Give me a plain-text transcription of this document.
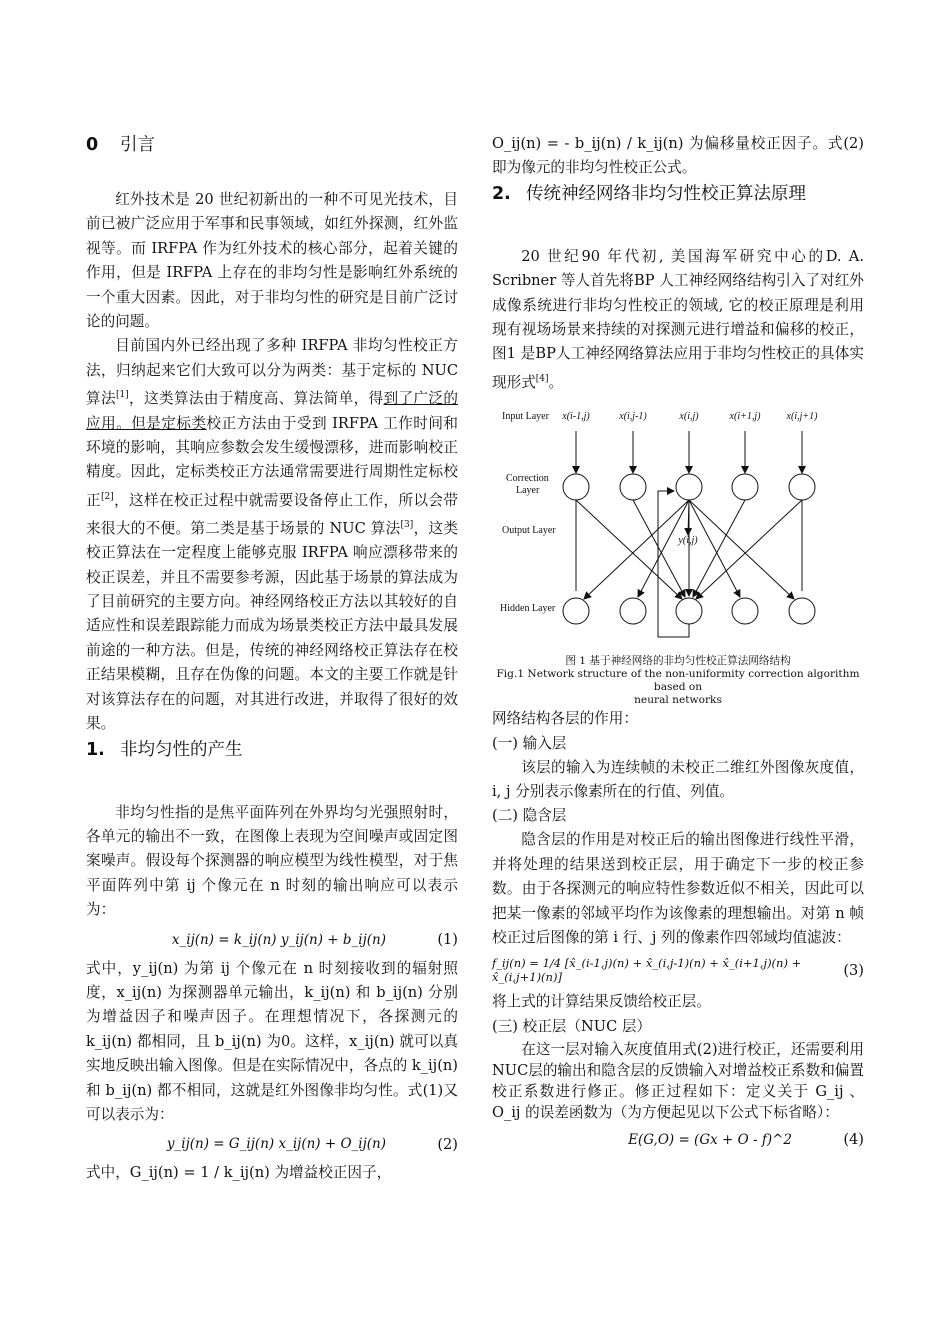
0 引言

红外技术是 20 世纪初新出的一种不可见光技术，目前已被广泛应用于军事和民事领域，如红外探测，红外监视等。而 IRFPA 作为红外技术的核心部分，起着关键的作用，但是 IRFPA 上存在的非均匀性是影响红外系统的一个重大因素。因此，对于非均匀性的研究是目前广泛讨论的问题。

目前国内外已经出现了多种 IRFPA 非均匀性校正方法，归纳起来它们大致可以分为两类：基于定标的 NUC 算法[1]，这类算法由于精度高、算法简单，得到了广泛的应用。但是定标类校正方法由于受到 IRFPA 工作时间和环境的影响，其响应参数会发生缓慢漂移，进而影响校正精度。因此，定标类校正方法通常需要进行周期性定标校正[2]，这样在校正过程中就需要设备停止工作，所以会带来很大的不便。第二类是基于场景的 NUC 算法[3]，这类校正算法在一定程度上能够克服 IRFPA 响应漂移带来的校正误差，并且不需要参考源，因此基于场景的算法成为了目前研究的主要方向。神经网络校正方法以其较好的自适应性和误差跟踪能力而成为场景类校正方法中最具发展前途的一种方法。但是，传统的神经网络校正算法存在校正结果模糊，且存在伪像的问题。本文的主要工作就是针对该算法存在的问题，对其进行改进，并取得了很好的效果。

1. 非均匀性的产生

非均匀性指的是焦平面阵列在外界均匀光强照射时，各单元的输出不一致，在图像上表现为空间噪声或固定图案噪声。假设每个探测器的响应模型为线性模型，对于焦平面阵列中第 ij 个像元在 n 时刻的输出响应可以表示为：

x_ij(n) = k_ij(n) y_ij(n) + b_ij(n)	(1)

式中，y_ij(n) 为第 ij 个像元在 n 时刻接收到的辐射照度，x_ij(n) 为探测器单元输出，k_ij(n) 和 b_ij(n) 分别为增益因子和噪声因子。在理想情况下，各探测元的 k_ij(n) 都相同，且 b_ij(n) 为0。这样，x_ij(n) 就可以真实地反映出输入图像。但是在实际情况中，各点的 k_ij(n) 和 b_ij(n) 都不相同，这就是红外图像非均匀性。式(1)又可以表示为：

y_ij(n) = G_ij(n) x_ij(n) + O_ij(n)	(2)

式中，G_ij(n) = 1 / k_ij(n) 为增益校正因子，

O_ij(n) = - b_ij(n) / k_ij(n) 为偏移量校正因子。式(2)即为像元的非均匀性校正公式。

2. 传统神经网络非均匀性校正算法原理

20 世纪90 年代初, 美国海军研究中心的D. A. Scribner 等人首先将BP 人工神经网络结构引入了对红外成像系统进行非均匀性校正的领域, 它的校正原理是利用现有视场场景来持续的对探测元进行增益和偏移的校正，图1 是BP人工神经网络算法应用于非均匀性校正的具体实现形式[4]。

Input Layer
Correction
Layer
Output Layer
Hidden Layer
x(i-1,j)	x(i,j-1)	x(i,j)	x(i+1,j)	x(i,j+1)
y(i,j)
图 1 基于神经网络的非均匀性校正算法网络结构
Fig.1 Network structure of the non-uniformity correction algorithm based on
neural networks

网络结构各层的作用：

(一) 输入层

该层的输入为连续帧的未校正二维红外图像灰度值， i, j 分别表示像素所在的行值、列值。

(二) 隐含层

隐含层的作用是对校正后的输出图像进行线性平滑，并将处理的结果送到校正层，用于确定下一步的校正参数。由于各探测元的响应特性参数近似不相关，因此可以把某一像素的邻域平均作为该像素的理想输出。对第 n 帧校正过后图像的第 i 行、j 列的像素作四邻域均值滤波：

f_ij(n) = 1/4 [x̂_(i-1,j)(n) + x̂_(i,j-1)(n) + x̂_(i+1,j)(n) + x̂_(i,j+1)(n)]	(3)

将上式的计算结果反馈给校正层。

(三) 校正层（NUC 层）

在这一层对输入灰度值用式(2)进行校正，还需要利用NUC层的输出和隐含层的反馈输入对增益校正系数和偏置校正系数进行修正。修正过程如下：定义关于 G_ij 、O_ij 的误差函数为（为方便起见以下公式下标省略）：

E(G,O) = (Gx + O - f)^2	(4)
